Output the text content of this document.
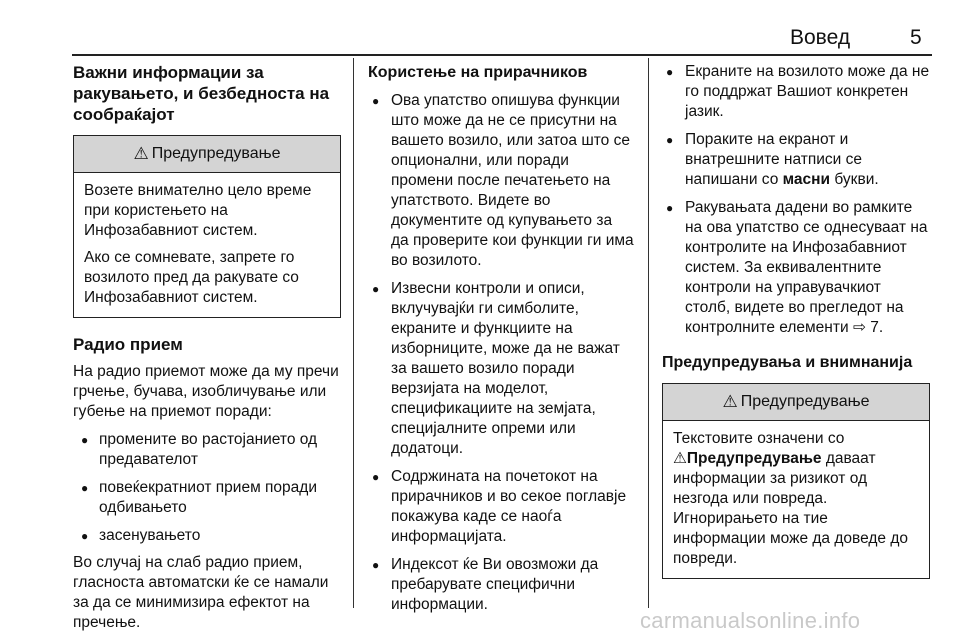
Вовед	5
Важни информации за ракувањето, и безбедноста на сообраќајот
⚠ Предупредување

Возете внимателно цело време при користењето на Инфозабавниот систем.

Ако се сомневате, запрете го возилото пред да ракувате со Инфозабавниот систем.

Радио прием

На радио приемот може да му пречи грчење, бучава, изобличување или губење на приемот поради:

● промените во растојанието од предавателот
● повеќекратниот прием поради одбивањето
● засенувањето

Во случај на слаб радио прием, гласноста автоматски ќе се намали за да се минимизира ефектот на пречење.

Користење на прирачников
● Ова упатство опишува функции што може да не се присутни на вашето возило, или затоа што се опционални, или поради промени после печатењето на упатството. Видете во документите од купувањето за да проверите кои функции ги има во возилото.
● Извесни контроли и описи, вклучувајќи ги симболите, екраните и функциите на изборниците, може да не важат за вашето возило поради верзијата на моделот, спецификациите на земјата, специјалните опреми или додатоци.
● Содржината на почетокот на прирачников и во секое поглавје покажува каде се наоѓа информацијата.
● Индексот ќе Ви овозможи да пребарувате специфични информации.
● Екраните на возилото може да не го поддржат Вашиот конкретен јазик.
● Пораките на екранот и внатрешните натписи се напишани со масни букви.
● Ракувањата дадени во рамките на ова упатство се однесуваат на контролите на Инфозабавниот систем. За еквивалентните контроли на управувачкиот столб, видете во прегледот на контролните елементи ⇨ 7.
Предупредувања и внимнанија
⚠ Предупредување

Текстовите означени со
⚠Предупредување даваат информации за ризикот од незгода или повреда. Игнорирањето на тие информации може да доведе до повреди.

carmanualsonline.info
